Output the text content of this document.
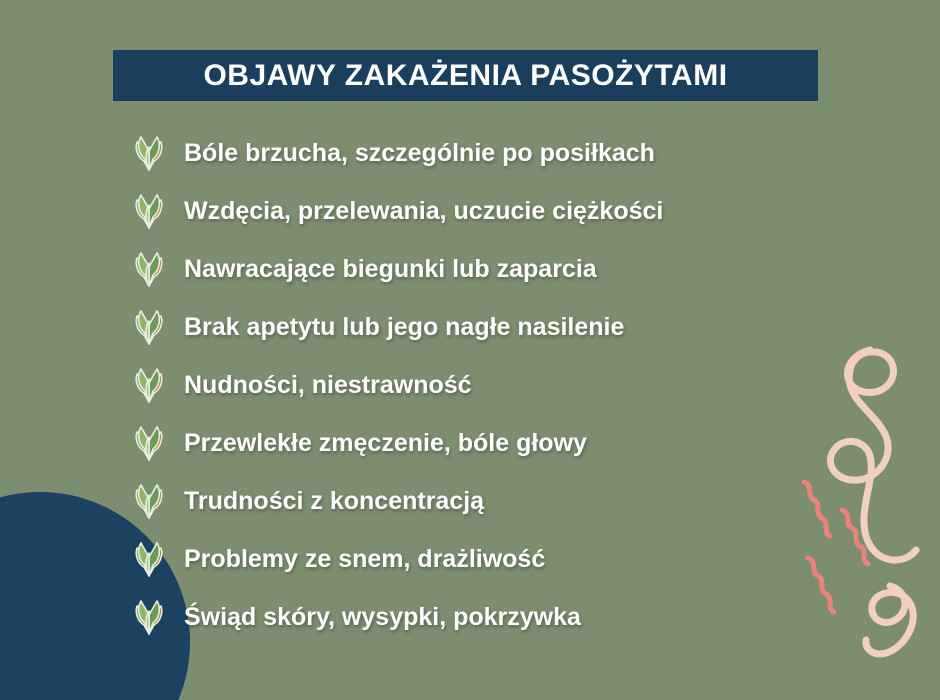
OBJAWY ZAKAŻENIA PASOŻYTAMI
Bóle brzucha, szczególnie po posiłkach
Wzdęcia, przelewania, uczucie ciężkości
Nawracające biegunki lub zaparcia
Brak apetytu lub jego nagłe nasilenie
Nudności, niestrawność
Przewlekłe zmęczenie, bóle głowy
Trudności z koncentracją
Problemy ze snem, drażliwość
Świąd skóry, wysypki, pokrzywka
